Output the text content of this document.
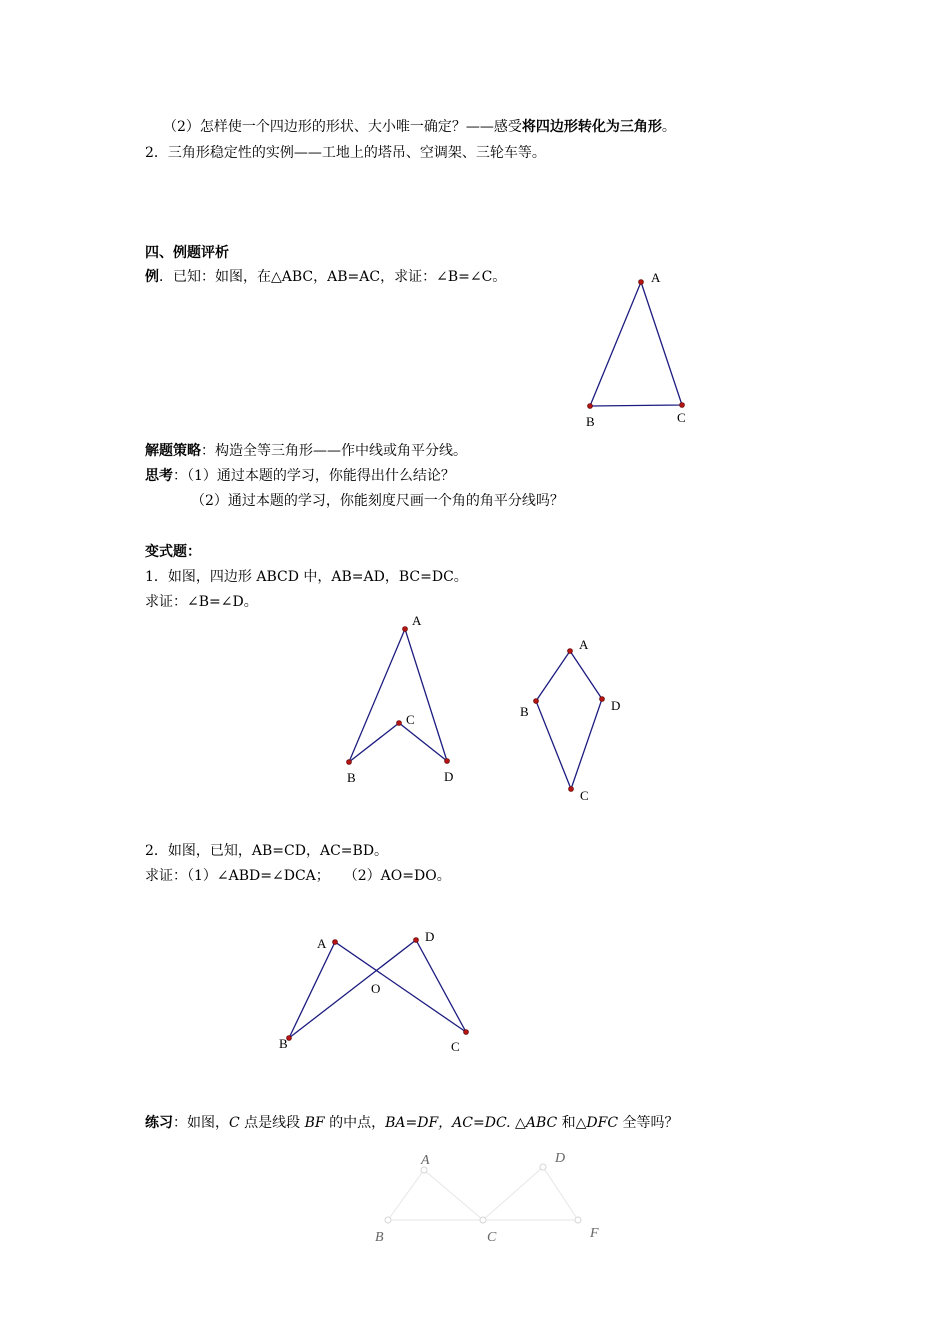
（2）怎样使一个四边形的形状、大小唯一确定？——感受将四边形转化为三角形。
2．三角形稳定性的实例——工地上的塔吊、空调架、三轮车等。
四、例题评析
例．已知：如图，在△ABC，AB=AC，求证：∠B=∠C。
解题策略：构造全等三角形——作中线或角平分线。
思考：（1）通过本题的学习，你能得出什么结论？
（2）通过本题的学习，你能刻度尺画一个角的角平分线吗？
变式题：
1．如图，四边形 ABCD 中，AB=AD，BC=DC。
求证：∠B=∠D。
2．如图，已知，AB=CD，AC=BD。
求证：（1）∠ABD=∠DCA；　　（2）AO=DO。
练习：如图，C 点是线段 BF 的中点，BA=DF，AC=DC. △ABC 和△DFC 全等吗？
A
B	C
A
C
B	D
A
D
C
B
A	D
O
B	C
A	D
B	C	F
